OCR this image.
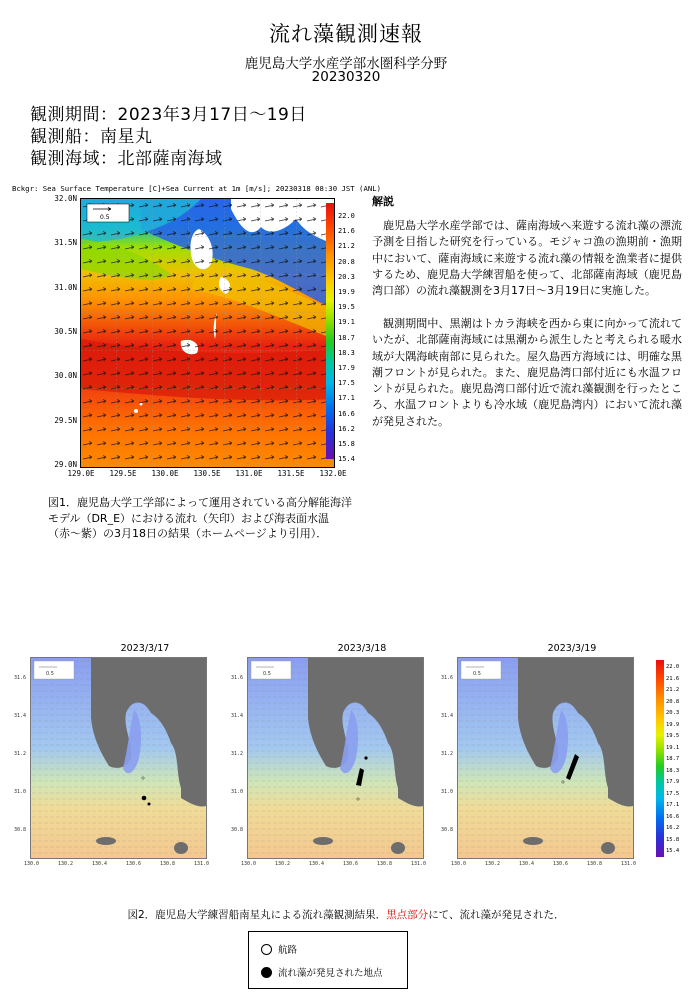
流れ藻観測速報
鹿児島大学水産学部水圏科学分野
20230320
観測期間：2023年3月17日〜19日
観測船：南星丸
観測海域：北部薩南海域
Bckgr: Sea Surface Temperature [C]+Sea Current at 1m [m/s]; 20230318 08:30 JST (ANL)
32.0N
31.5N
31.0N
30.5N
30.0N
29.5N
29.0N
129.0E	129.5E	130.0E	130.5E	131.0E	131.5E	132.0E
0.5	22.0
21.6
21.2
20.8
20.3
19.9
19.5
19.1
18.7
18.3
17.9
17.5
17.1
16.6
16.2
15.8
15.4
解説
鹿児島大学水産学部では、薩南海域へ来遊する流れ藻の漂流予測を目指した研究を行っている。モジャコ漁の漁期前・漁期中において、薩南海域に来遊する流れ藻の情報を漁業者に提供するため、鹿児島大学練習船を使って、北部薩南海域（鹿児島湾口部）の流れ藻観測を3月17日〜3月19日に実施した。
観測期間中、黒潮はトカラ海峡を西から東に向かって流れていたが、北部薩南海域には黒潮から派生したと考えられる暖水域が大隅海峡南部に見られた。屋久島西方海域には、明確な黒潮フロントが見られた。また、鹿児島湾口部付近にも水温フロントが見られた。鹿児島湾口部付近で流れ藻観測を行ったところ、水温フロントよりも冷水域（鹿児島湾内）において流れ藻が発見された。
図1．鹿児島大学工学部によって運用されている高分解能海洋モデル（DR_E）における流れ（矢印）および海表面水温（赤〜紫）の3月18日の結果（ホームページより引用）．
2023/3/17
0.5
31.6
31.4
31.2
31.0
30.8
130.0	130.2	130.4	130.6	130.8	131.0
2023/3/18
0.5
31.6
31.4
31.2
31.0
30.8
130.0	130.2	130.4	130.6	130.8	131.0
2023/3/19
0.5
31.6
31.4
31.2
31.0
30.8
130.0	130.2	130.4	130.6	130.8	131.0
22.0
21.6
21.2
20.8
20.3
19.9
19.5
19.1
18.7
18.3
17.9
17.5
17.1
16.6
16.2
15.8
15.4
図2．鹿児島大学練習船南星丸による流れ藻観測結果．黒点部分にて、流れ藻が発見された．
航路
流れ藻が発見された地点
